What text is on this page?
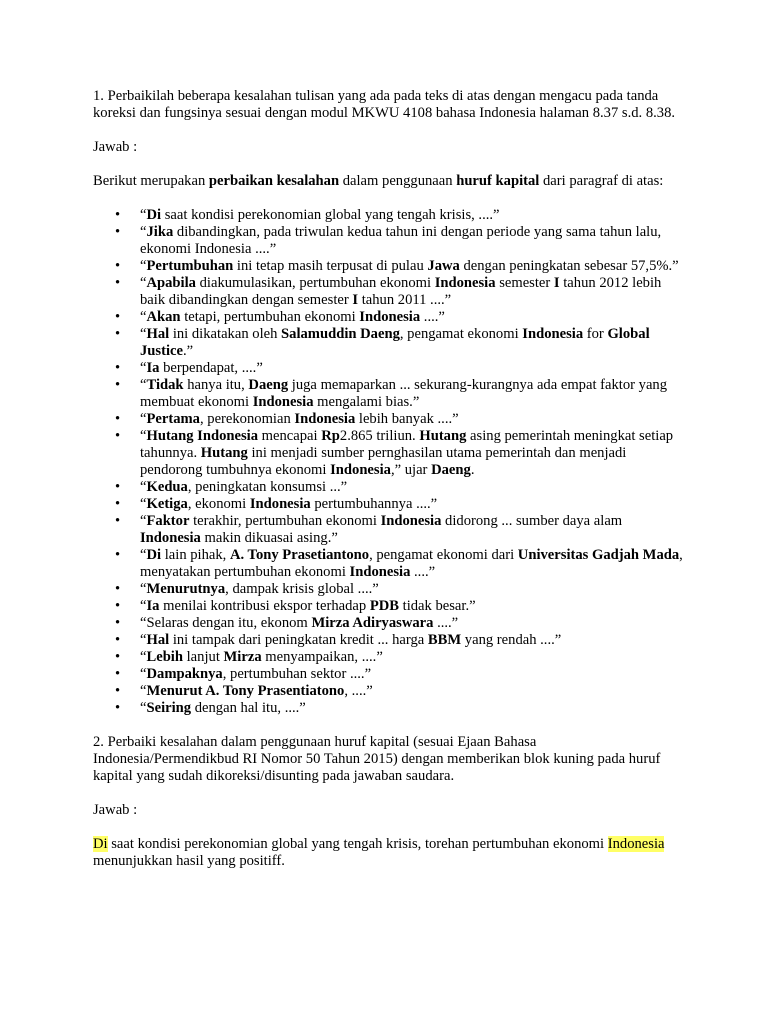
1. Perbaikilah beberapa kesalahan tulisan yang ada pada teks di atas dengan mengacu pada tanda koreksi dan fungsinya sesuai dengan modul MKWU 4108 bahasa Indonesia halaman 8.37 s.d. 8.38.

Jawab :

Berikut merupakan perbaikan kesalahan dalam penggunaan huruf kapital dari paragraf di atas:

• “Di saat kondisi perekonomian global yang tengah krisis, ....”
• “Jika dibandingkan, pada triwulan kedua tahun ini dengan periode yang sama tahun lalu, ekonomi Indonesia ....”
• “Pertumbuhan ini tetap masih terpusat di pulau Jawa dengan peningkatan sebesar 57,5%.”
• “Apabila diakumulasikan, pertumbuhan ekonomi Indonesia semester I tahun 2012 lebih baik dibandingkan dengan semester I tahun 2011 ....”
• “Akan tetapi, pertumbuhan ekonomi Indonesia ....”
• “Hal ini dikatakan oleh Salamuddin Daeng, pengamat ekonomi Indonesia for Global Justice.”
• “Ia berpendapat, ....”
• “Tidak hanya itu, Daeng juga memaparkan ... sekurang-kurangnya ada empat faktor yang membuat ekonomi Indonesia mengalami bias.”
• “Pertama, perekonomian Indonesia lebih banyak ....”
• “Hutang Indonesia mencapai Rp2.865 triliun. Hutang asing pemerintah meningkat setiap tahunnya. Hutang ini menjadi sumber pernghasilan utama pemerintah dan menjadi pendorong tumbuhnya ekonomi Indonesia,” ujar Daeng.
• “Kedua, peningkatan konsumsi ...”
• “Ketiga, ekonomi Indonesia pertumbuhannya ....”
• “Faktor terakhir, pertumbuhan ekonomi Indonesia didorong ... sumber daya alam Indonesia makin dikuasai asing.”
• “Di lain pihak, A. Tony Prasetiantono, pengamat ekonomi dari Universitas Gadjah Mada, menyatakan pertumbuhan ekonomi Indonesia ....”
• “Menurutnya, dampak krisis global ....”
• “Ia menilai kontribusi ekspor terhadap PDB tidak besar.”
• “Selaras dengan itu, ekonom Mirza Adiryaswara ....”
• “Hal ini tampak dari peningkatan kredit ... harga BBM yang rendah ....”
• “Lebih lanjut Mirza menyampaikan, ....”
• “Dampaknya, pertumbuhan sektor ....”
• “Menurut A. Tony Prasentiatono, ....”
• “Seiring dengan hal itu, ....”

2. Perbaiki kesalahan dalam penggunaan huruf kapital (sesuai Ejaan Bahasa Indonesia/Permendikbud RI Nomor 50 Tahun 2015) dengan memberikan blok kuning pada huruf kapital yang sudah dikoreksi/disunting pada jawaban saudara.

Jawab :

Di saat kondisi perekonomian global yang tengah krisis, torehan pertumbuhan ekonomi Indonesia menunjukkan hasil yang positiff.
